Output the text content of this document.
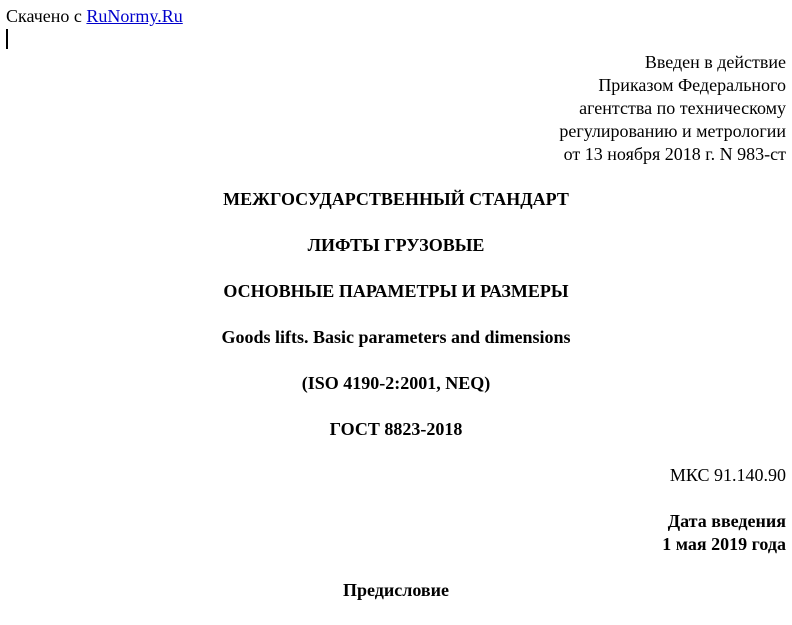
Скачено с RuNormy.Ru
Введен в действие
Приказом Федерального
агентства по техническому
регулированию и метрологии
от 13 ноября 2018 г. N 983-ст
МЕЖГОСУДАРСТВЕННЫЙ СТАНДАРТ
ЛИФТЫ ГРУЗОВЫЕ
ОСНОВНЫЕ ПАРАМЕТРЫ И РАЗМЕРЫ
Goods lifts. Basic parameters and dimensions
(ISO 4190-2:2001, NEQ)
ГОСТ 8823-2018
МКС 91.140.90
Дата введения
1 мая 2019 года
Предисловие
